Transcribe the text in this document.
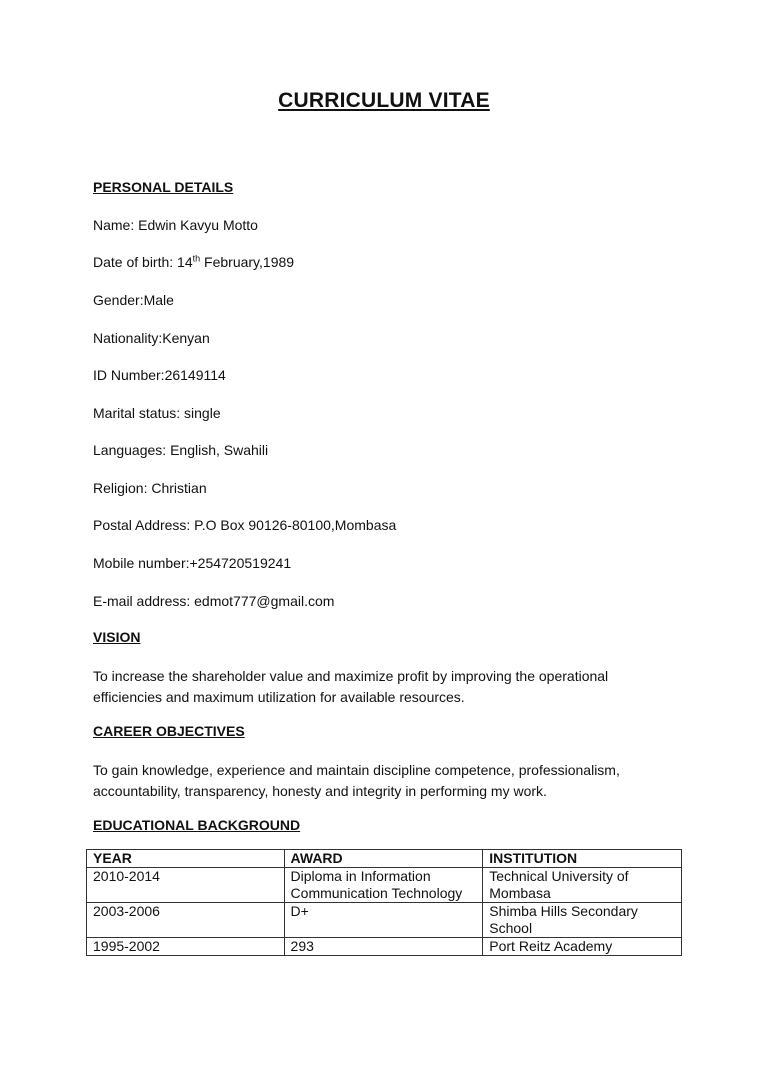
CURRICULUM VITAE
PERSONAL DETAILS
Name: Edwin Kavyu Motto
Date of birth: 14th February,1989
Gender:Male
Nationality:Kenyan
ID Number:26149114
Marital status: single
Languages: English, Swahili
Religion: Christian
Postal Address: P.O Box 90126-80100,Mombasa
Mobile number:+254720519241
E-mail address: edmot777@gmail.com
VISION
To increase the shareholder value and maximize profit by improving the operational efficiencies and maximum utilization for available resources.
CAREER OBJECTIVES
To gain knowledge, experience and maintain discipline competence, professionalism, accountability, transparency, honesty and integrity in performing my work.
EDUCATIONAL BACKGROUND
YEAR	AWARD	INSTITUTION
2010-2014	Diploma in Information Communication Technology	Technical University of Mombasa
2003-2006	D+	Shimba Hills Secondary School
1995-2002	293	Port Reitz Academy
